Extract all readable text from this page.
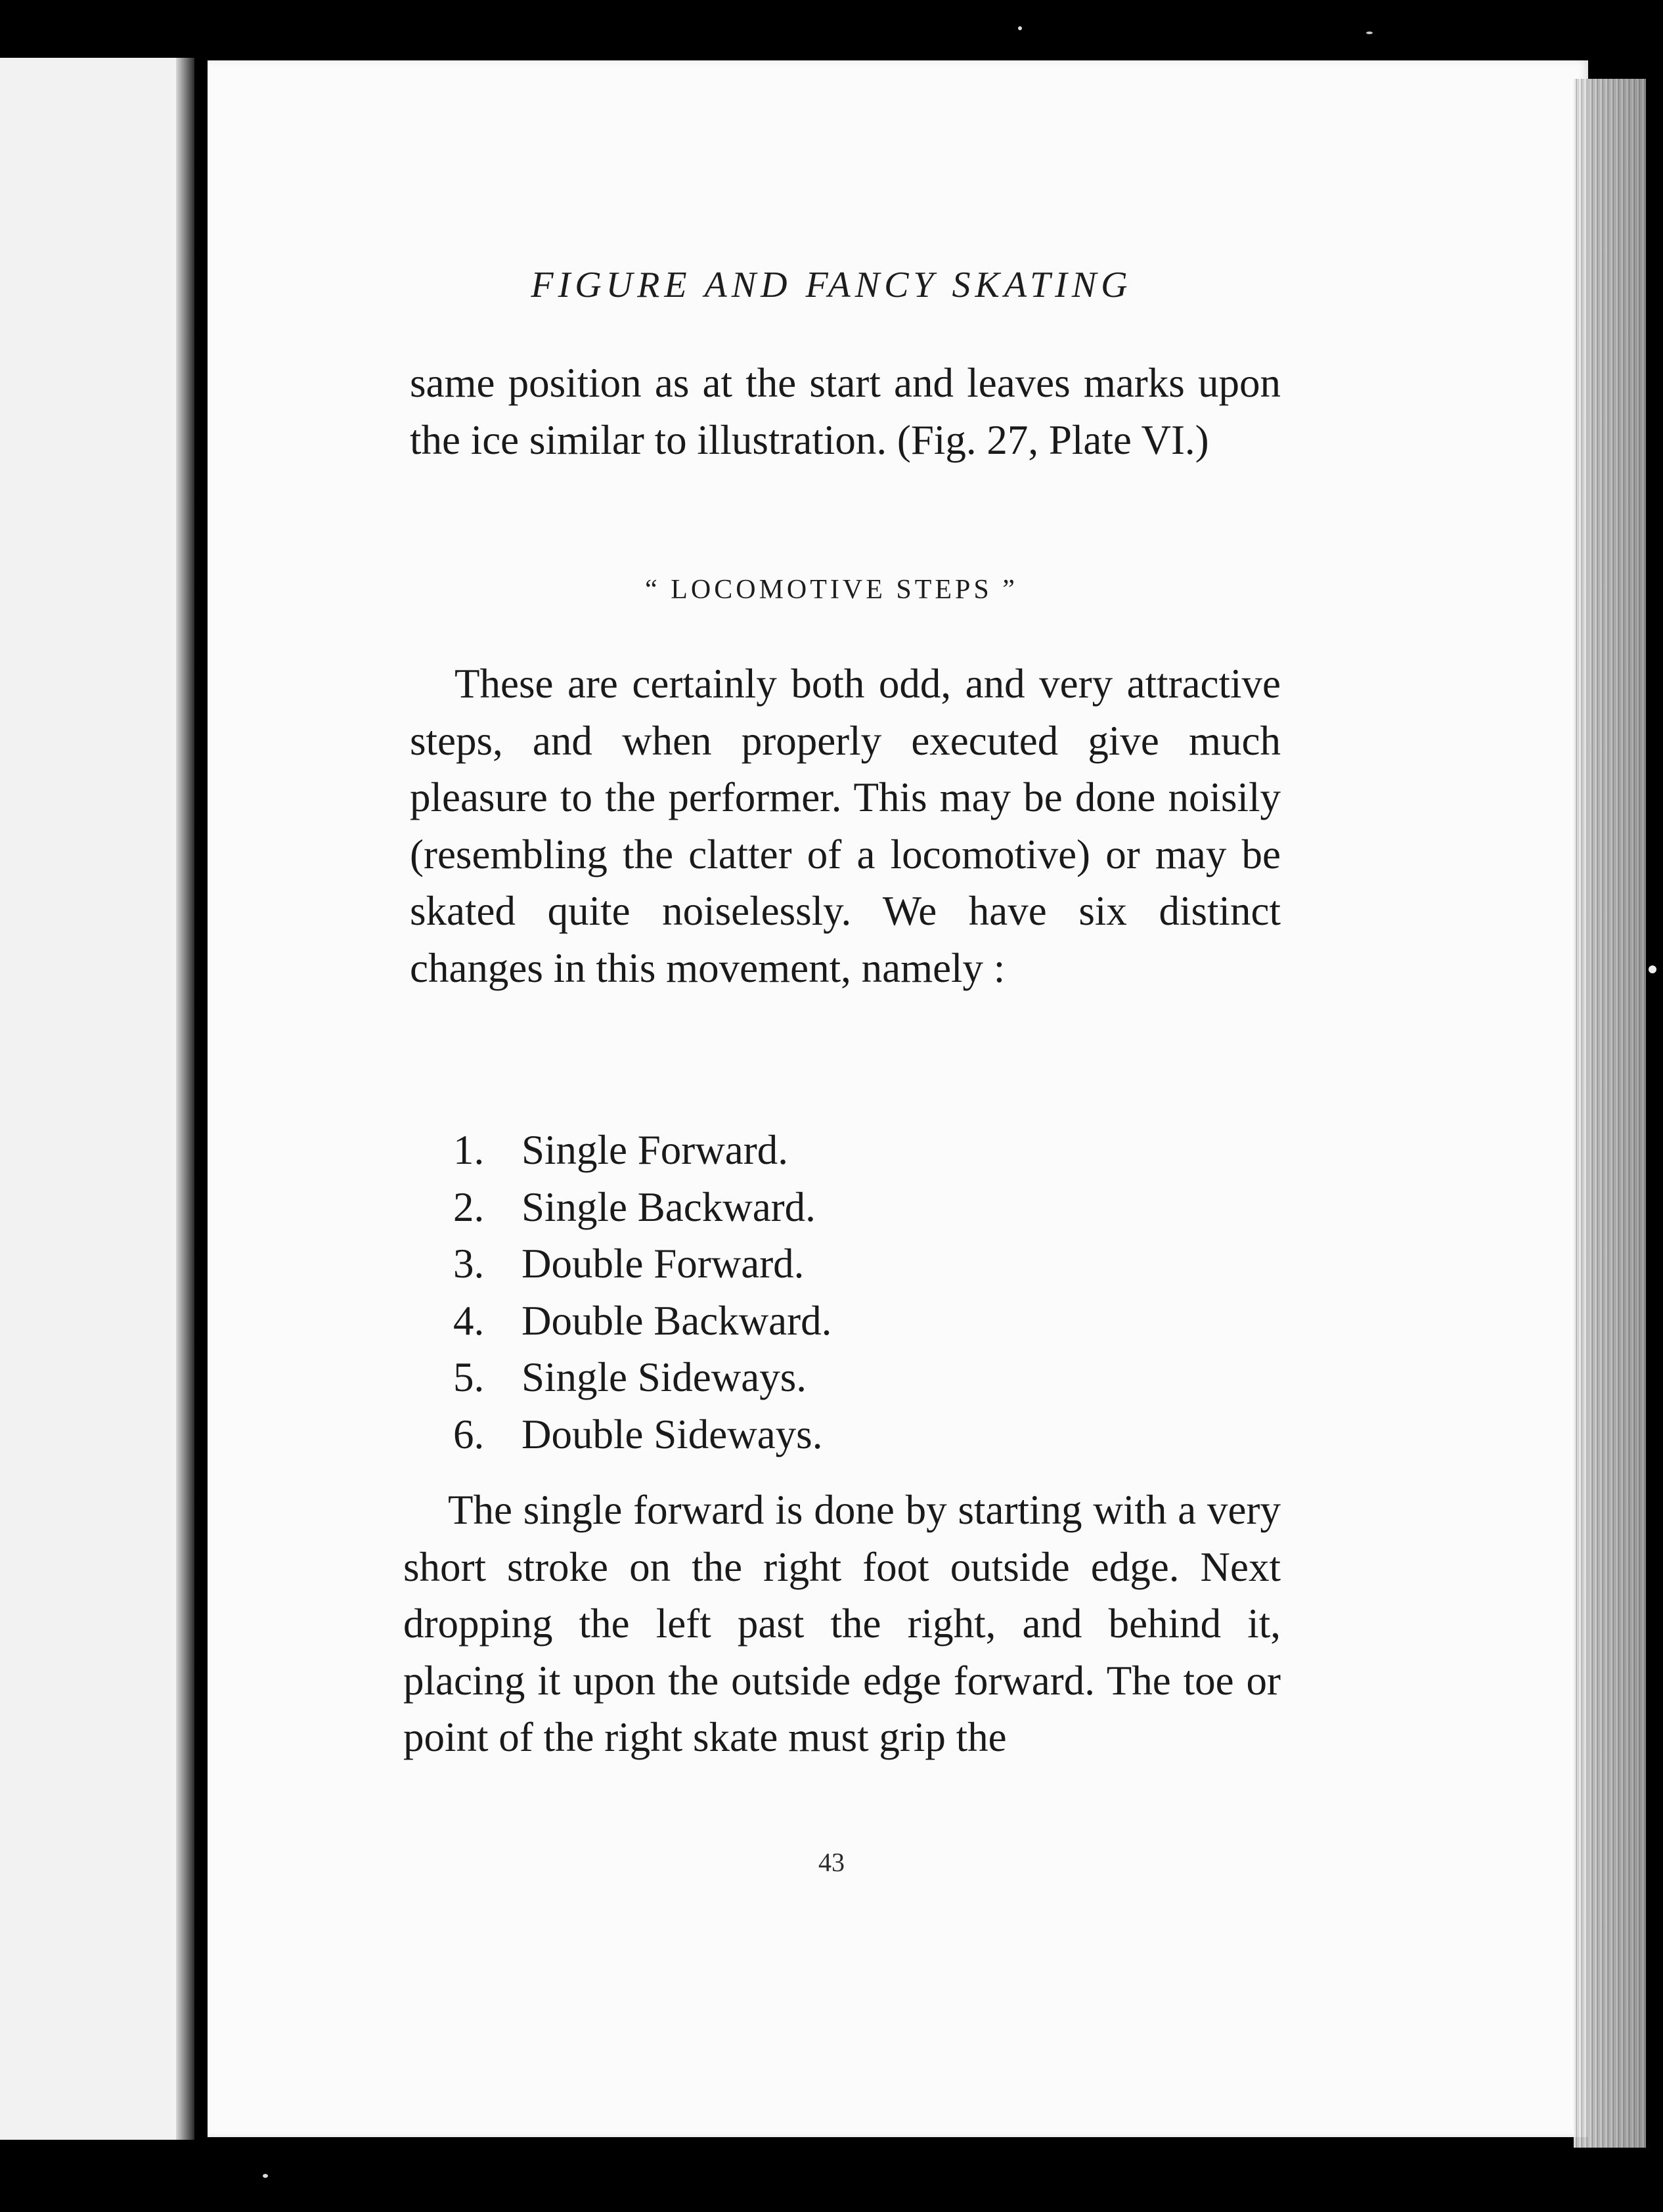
FIGURE AND FANCY SKATING

same position as at the start and leaves marks upon the ice similar to illustration. (Fig. 27, Plate VI.)

“ LOCOMOTIVE STEPS ”

These are certainly both odd, and very attractive steps, and when properly executed give much pleasure to the performer. This may be done noisily (resembling the clatter of a locomotive) or may be skated quite noiselessly. We have six distinct changes in this movement, namely :

1. Single Forward.
2. Single Backward.
3. Double Forward.
4. Double Backward.
5. Single Sideways.
6. Double Sideways.

The single forward is done by starting with a very short stroke on the right foot outside edge. Next dropping the left past the right, and behind it, placing it upon the outside edge forward. The toe or point of the right skate must grip the

43
